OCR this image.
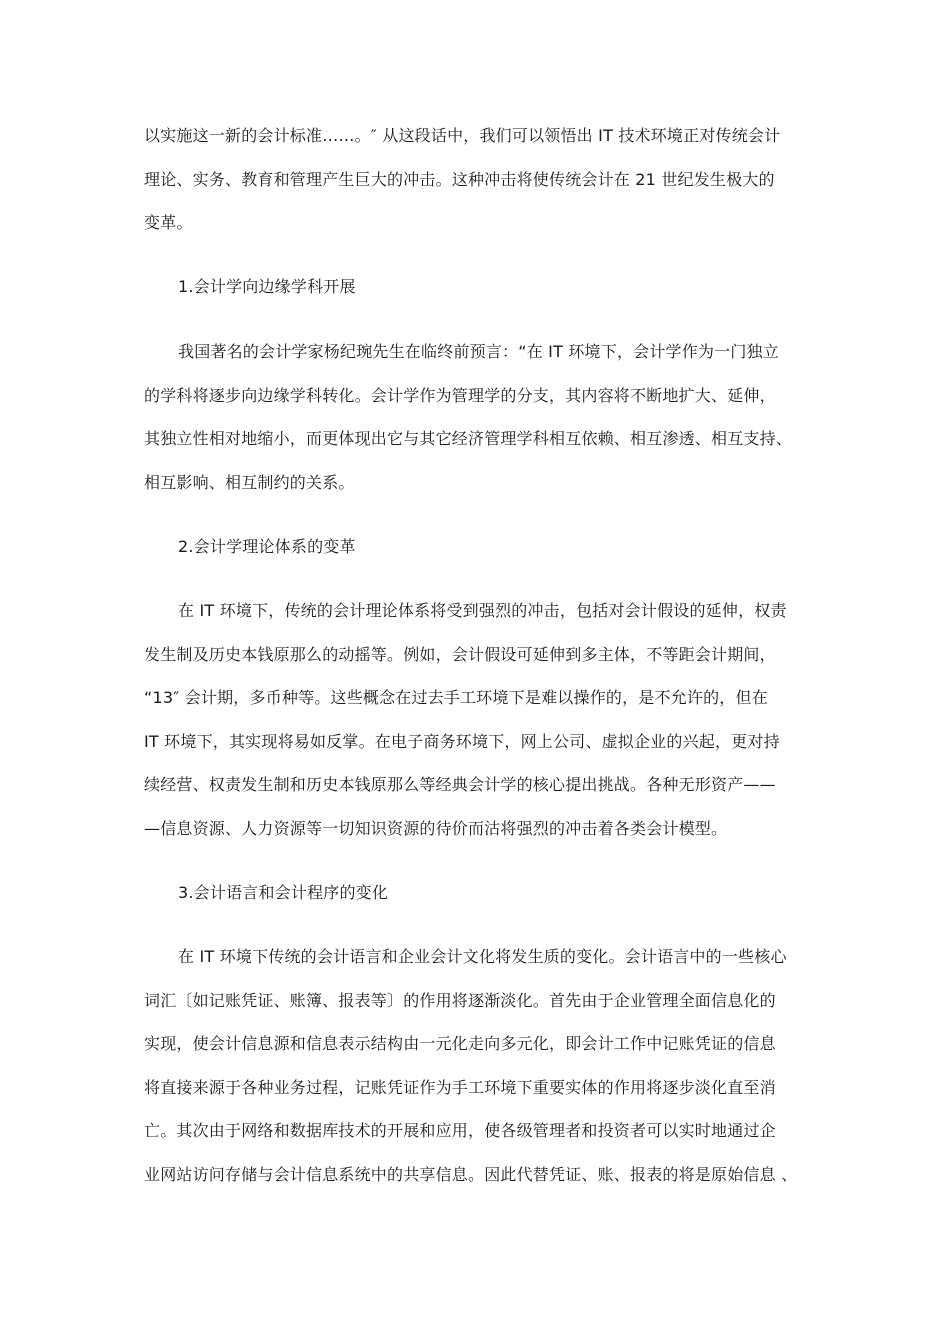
以实施这一新的会计标准……。″ 从这段话中，我们可以领悟出 IT 技术环境正对传统会计
理论、实务、教育和管理产生巨大的冲击。这种冲击将使传统会计在 21 世纪发生极大的
变革。
1.会计学向边缘学科开展
我国著名的会计学家杨纪琬先生在临终前预言：“在 IT 环境下，会计学作为一门独立
的学科将逐步向边缘学科转化。会计学作为管理学的分支，其内容将不断地扩大、延伸，
其独立性相对地缩小，而更体现出它与其它经济管理学科相互依赖、相互渗透、相互支持、
相互影响、相互制约的关系。
2.会计学理论体系的变革
在 IT 环境下，传统的会计理论体系将受到强烈的冲击，包括对会计假设的延伸，权责
发生制及历史本钱原那么的动摇等。例如，会计假设可延伸到多主体，不等距会计期间，
“13″ 会计期，多币种等。这些概念在过去手工环境下是难以操作的，是不允许的，但在
IT 环境下，其实现将易如反掌。在电子商务环境下，网上公司、虚拟企业的兴起，更对持
续经营、权责发生制和历史本钱原那么等经典会计学的核心提出挑战。各种无形资产——
—信息资源、人力资源等一切知识资源的待价而沽将强烈的冲击着各类会计模型。
3.会计语言和会计程序的变化
在 IT 环境下传统的会计语言和企业会计文化将发生质的变化。会计语言中的一些核心
词汇〔如记账凭证、账簿、报表等〕的作用将逐渐淡化。首先由于企业管理全面信息化的
实现，使会计信息源和信息表示结构由一元化走向多元化，即会计工作中记账凭证的信息
将直接来源于各种业务过程，记账凭证作为手工环境下重要实体的作用将逐步淡化直至消
亡。其次由于网络和数据库技术的开展和应用，使各级管理者和投资者可以实时地通过企
业网站访问存储与会计信息系统中的共享信息。因此代替凭证、账、报表的将是原始信息 、
